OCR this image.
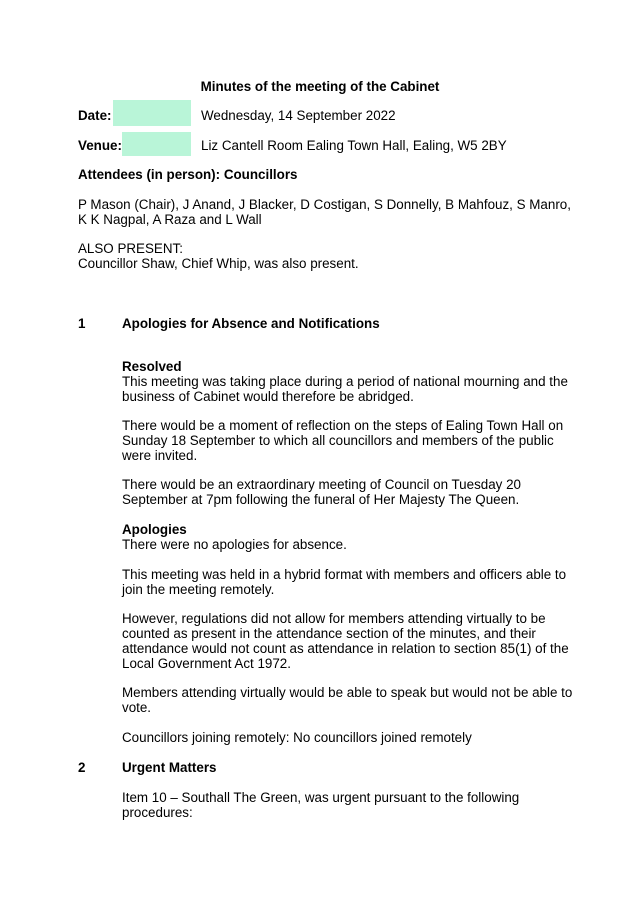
Minutes of the meeting of the Cabinet
Date:	Wednesday, 14 September 2022
Venue:	Liz Cantell Room Ealing Town Hall, Ealing, W5 2BY
Attendees (in person): Councillors
P Mason (Chair), J Anand, J Blacker, D Costigan, S Donnelly, B Mahfouz, S Manro,
K K Nagpal, A Raza and L Wall
ALSO PRESENT:
Councillor Shaw, Chief Whip, was also present.
1	Apologies for Absence and Notifications
Resolved
This meeting was taking place during a period of national mourning and the
business of Cabinet would therefore be abridged.
There would be a moment of reflection on the steps of Ealing Town Hall on
Sunday 18 September to which all councillors and members of the public
were invited.
There would be an extraordinary meeting of Council on Tuesday 20
September at 7pm following the funeral of Her Majesty The Queen.
Apologies
There were no apologies for absence.
This meeting was held in a hybrid format with members and officers able to
join the meeting remotely.
However, regulations did not allow for members attending virtually to be
counted as present in the attendance section of the minutes, and their
attendance would not count as attendance in relation to section 85(1) of the
Local Government Act 1972.
Members attending virtually would be able to speak but would not be able to
vote.
Councillors joining remotely: No councillors joined remotely
2	Urgent Matters
Item 10 – Southall The Green, was urgent pursuant to the following
procedures:
